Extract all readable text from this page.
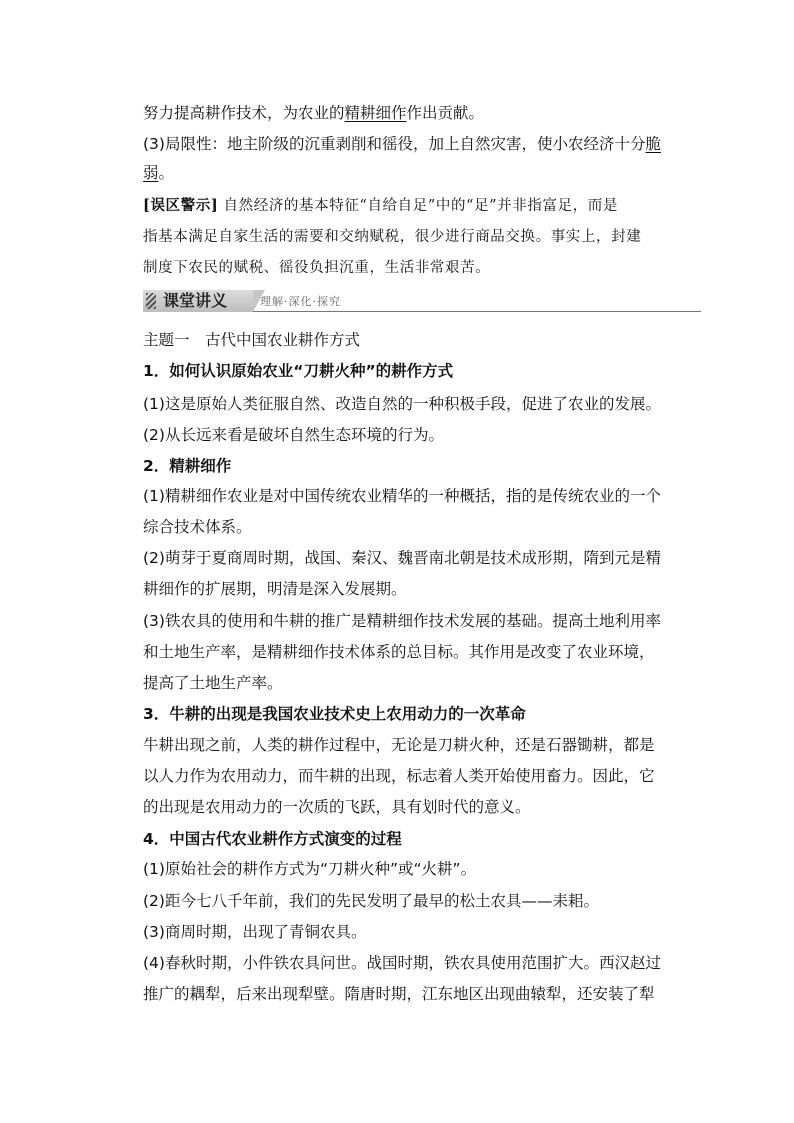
努力提高耕作技术，为农业的精耕细作作出贡献。
(3)局限性：地主阶级的沉重剥削和徭役，加上自然灾害，使小农经济十分脆
弱。
[误区警示] 自然经济的基本特征“自给自足”中的“足”并非指富足，而是
指基本满足自家生活的需要和交纳赋税，很少进行商品交换。事实上，封建
制度下农民的赋税、徭役负担沉重，生活非常艰苦。
课堂讲义	理解·深化·探究
主题一　古代中国农业耕作方式
1．如何认识原始农业“刀耕火种”的耕作方式
(1)这是原始人类征服自然、改造自然的一种积极手段，促进了农业的发展。
(2)从长远来看是破坏自然生态环境的行为。
2．精耕细作
(1)精耕细作农业是对中国传统农业精华的一种概括，指的是传统农业的一个
综合技术体系。
(2)萌芽于夏商周时期，战国、秦汉、魏晋南北朝是技术成形期，隋到元是精
耕细作的扩展期，明清是深入发展期。
(3)铁农具的使用和牛耕的推广是精耕细作技术发展的基础。提高土地利用率
和土地生产率，是精耕细作技术体系的总目标。其作用是改变了农业环境，
提高了土地生产率。
3．牛耕的出现是我国农业技术史上农用动力的一次革命
牛耕出现之前，人类的耕作过程中，无论是刀耕火种，还是石器锄耕，都是
以人力作为农用动力，而牛耕的出现，标志着人类开始使用畜力。因此，它
的出现是农用动力的一次质的飞跃，具有划时代的意义。
4．中国古代农业耕作方式演变的过程
(1)原始社会的耕作方式为“刀耕火种”或“火耕”。
(2)距今七八千年前，我们的先民发明了最早的松土农具——耒耜。
(3)商周时期，出现了青铜农具。
(4)春秋时期，小件铁农具问世。战国时期，铁农具使用范围扩大。西汉赵过
推广的耦犁，后来出现犁壁。隋唐时期，江东地区出现曲辕犁，还安装了犁
